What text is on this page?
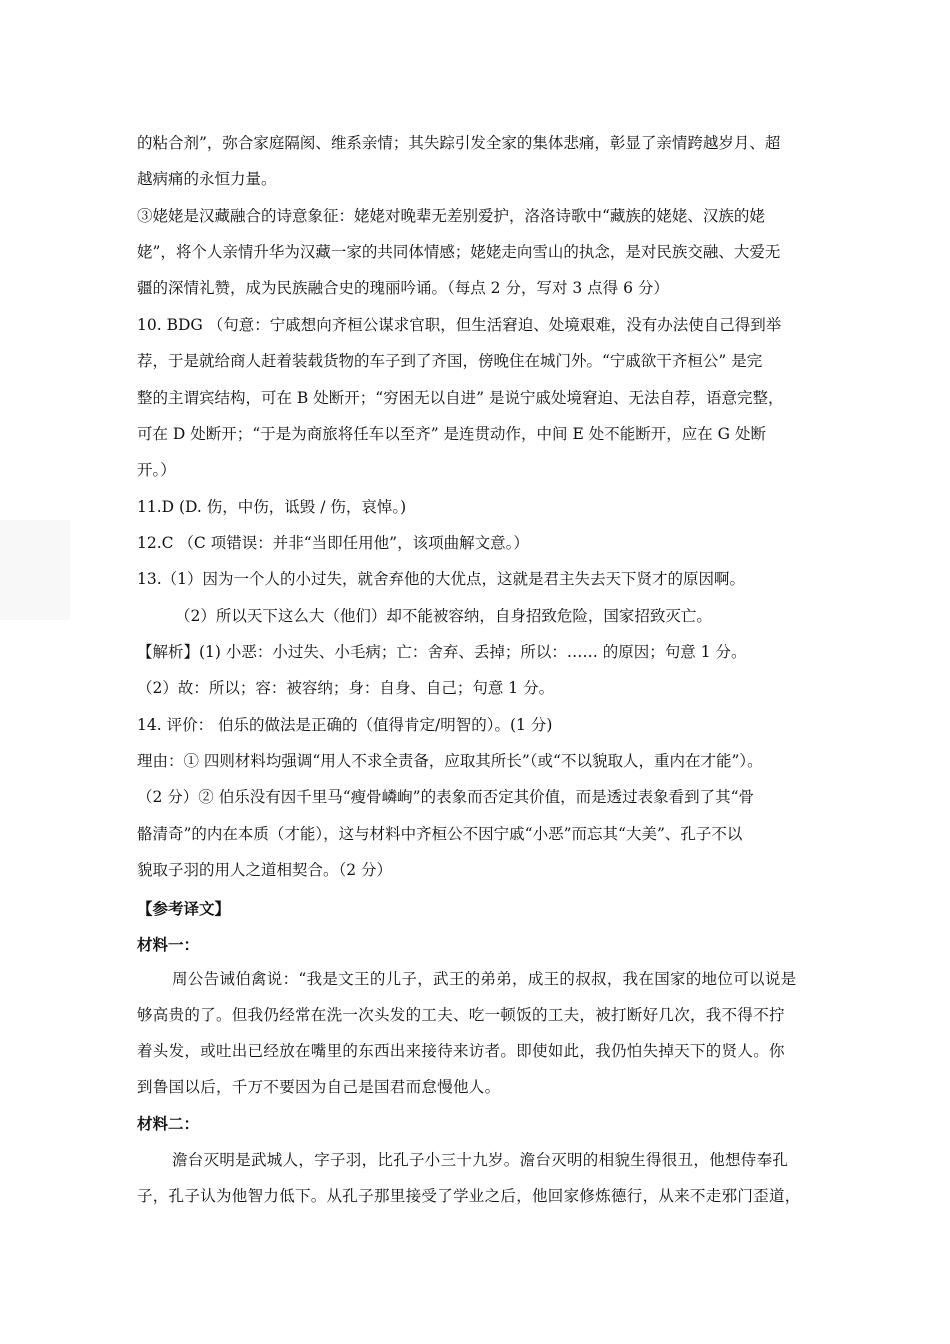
的粘合剂”，弥合家庭隔阂、维系亲情；其失踪引发全家的集体悲痛，彰显了亲情跨越岁月、超
越病痛的永恒力量。
③姥姥是汉藏融合的诗意象征：姥姥对晚辈无差别爱护，洛洛诗歌中“藏族的姥姥、汉族的姥
姥”，将个人亲情升华为汉藏一家的共同体情感；姥姥走向雪山的执念，是对民族交融、大爱无
疆的深情礼赞，成为民族融合史的瑰丽吟诵。（每点 2 分，写对 3 点得 6 分）
10. BDG （句意：宁戚想向齐桓公谋求官职，但生活窘迫、处境艰难，没有办法使自己得到举
荐，于是就给商人赶着装载货物的车子到了齐国，傍晚住在城门外。“宁戚欲干齐桓公” 是完
整的主谓宾结构，可在 B 处断开；“穷困无以自进” 是说宁戚处境窘迫、无法自荐，语意完整，
可在 D 处断开；“于是为商旅将任车以至齐” 是连贯动作，中间 E 处不能断开，应在 G 处断
开。）
11.D (D. 伤，中伤，诋毁 / 伤，哀悼。)
12.C （C 项错误：并非“当即任用他”，该项曲解文意。）
13.（1）因为一个人的小过失，就舍弃他的大优点，这就是君主失去天下贤才的原因啊。
（2）所以天下这么大（他们）却不能被容纳，自身招致危险，国家招致灭亡。
【解析】(1) 小恶：小过失、小毛病；亡：舍弃、丢掉；所以：…… 的原因；句意 1 分。
（2）故：所以；容：被容纳；身：自身、自己；句意 1 分。
14. 评价： 伯乐的做法是正确的（值得肯定/明智的）。(1 分)
理由：① 四则材料均强调“用人不求全责备，应取其所长”（或“不以貌取人，重内在才能”）。
（2 分）② 伯乐没有因千里马“瘦骨嶙峋”的表象而否定其价值，而是透过表象看到了其“骨
骼清奇”的内在本质（才能），这与材料中齐桓公不因宁戚“小恶”而忘其“大美”、孔子不以
貌取子羽的用人之道相契合。（2 分）
【参考译文】
材料一：
周公告诫伯禽说：“我是文王的儿子，武王的弟弟，成王的叔叔，我在国家的地位可以说是
够高贵的了。但我仍经常在洗一次头发的工夫、吃一顿饭的工夫，被打断好几次，我不得不拧
着头发，或吐出已经放在嘴里的东西出来接待来访者。即使如此，我仍怕失掉天下的贤人。你
到鲁国以后，千万不要因为自己是国君而怠慢他人。
材料二：
澹台灭明是武城人，字子羽，比孔子小三十九岁。澹台灭明的相貌生得很丑，他想侍奉孔
子，孔子认为他智力低下。从孔子那里接受了学业之后，他回家修炼德行，从来不走邪门歪道，
